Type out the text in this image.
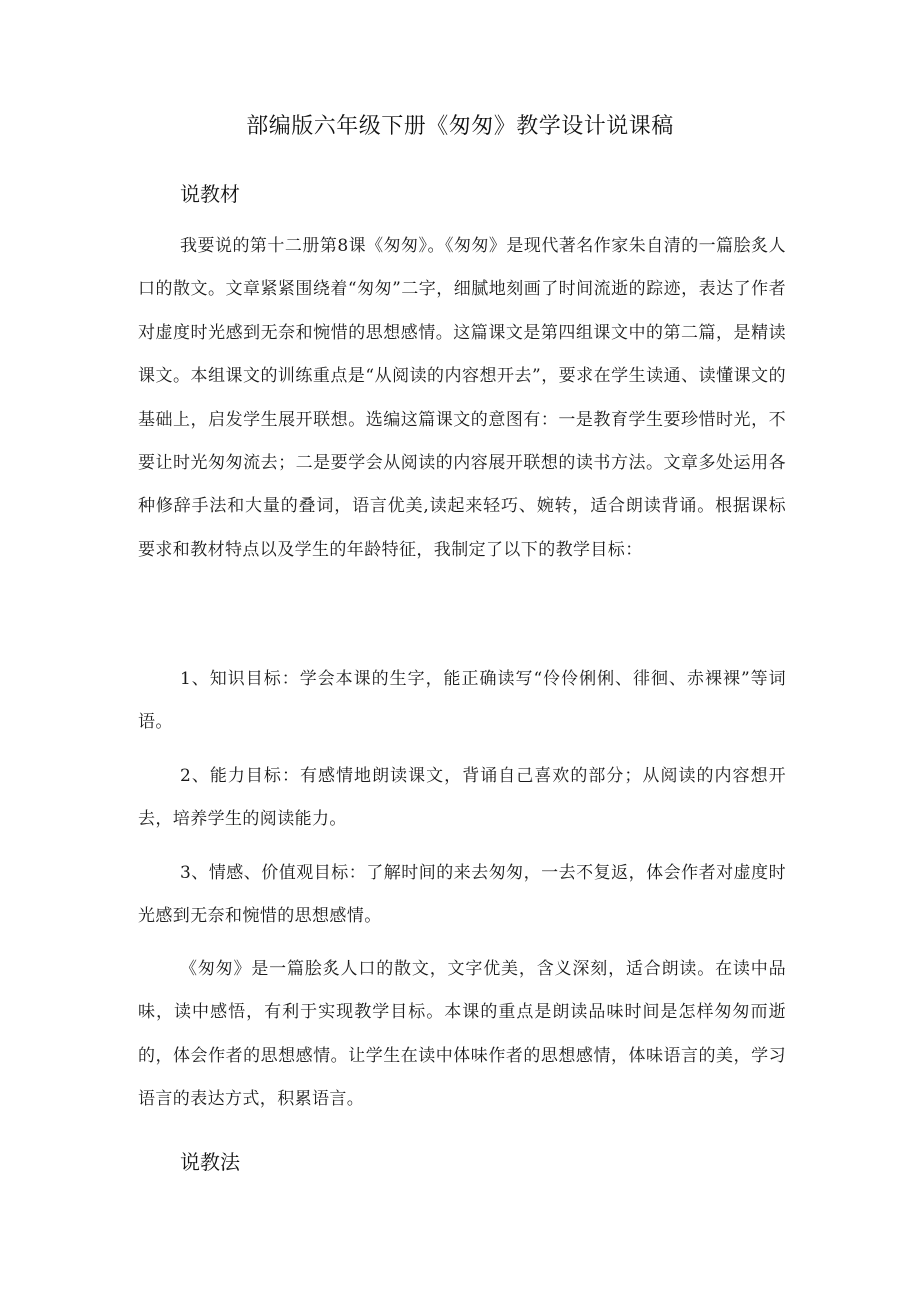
部编版六年级下册《匆匆》教学设计说课稿
说教材
我要说的第十二册第8课《匆匆》。《匆匆》是现代著名作家朱自清的一篇脍炙人口的散文。文章紧紧围绕着“匆匆”二字，细腻地刻画了时间流逝的踪迹，表达了作者对虚度时光感到无奈和惋惜的思想感情。这篇课文是第四组课文中的第二篇，是精读课文。本组课文的训练重点是“从阅读的内容想开去”，要求在学生读通、读懂课文的基础上，启发学生展开联想。选编这篇课文的意图有：一是教育学生要珍惜时光，不要让时光匆匆流去；二是要学会从阅读的内容展开联想的读书方法。文章多处运用各种修辞手法和大量的叠词，语言优美,读起来轻巧、婉转，适合朗读背诵。根据课标要求和教材特点以及学生的年龄特征，我制定了以下的教学目标：
1、知识目标：学会本课的生字，能正确读写“伶伶俐俐、徘徊、赤裸裸”等词语。
2、能力目标：有感情地朗读课文，背诵自己喜欢的部分；从阅读的内容想开去，培养学生的阅读能力。
3、情感、价值观目标：了解时间的来去匆匆，一去不复返，体会作者对虚度时光感到无奈和惋惜的思想感情。
《匆匆》是一篇脍炙人口的散文，文字优美，含义深刻，适合朗读。在读中品味，读中感悟，有利于实现教学目标。本课的重点是朗读品味时间是怎样匆匆而逝的，体会作者的思想感情。让学生在读中体味作者的思想感情，体味语言的美，学习语言的表达方式，积累语言。
说教法
